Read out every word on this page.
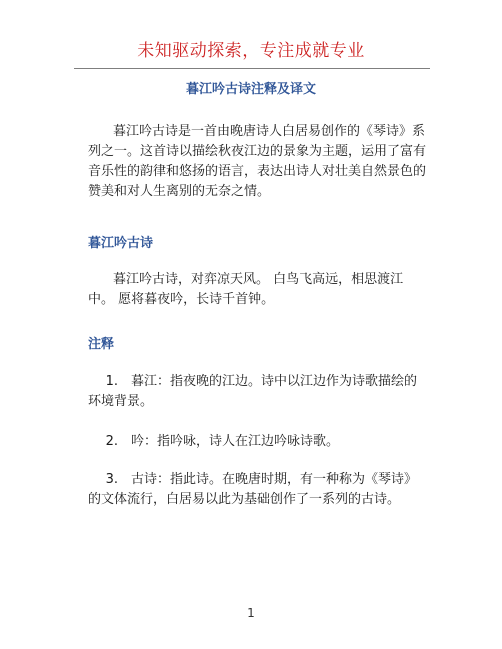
未知驱动探索，专注成就专业
暮江吟古诗注释及译文
暮江吟古诗是一首由晚唐诗人白居易创作的《琴诗》系列之一。这首诗以描绘秋夜江边的景象为主题，运用了富有音乐性的韵律和悠扬的语言，表达出诗人对壮美自然景色的赞美和对人生离别的无奈之情。
暮江吟古诗
暮江吟古诗，对弈凉天风。 白鸟飞高远，相思渡江中。 愿将暮夜吟，长诗千首钟。
注释
1. 暮江：指夜晚的江边。诗中以江边作为诗歌描绘的环境背景。
2. 吟：指吟咏，诗人在江边吟咏诗歌。
3. 古诗：指此诗。在晚唐时期，有一种称为《琴诗》的文体流行，白居易以此为基础创作了一系列的古诗。
1
